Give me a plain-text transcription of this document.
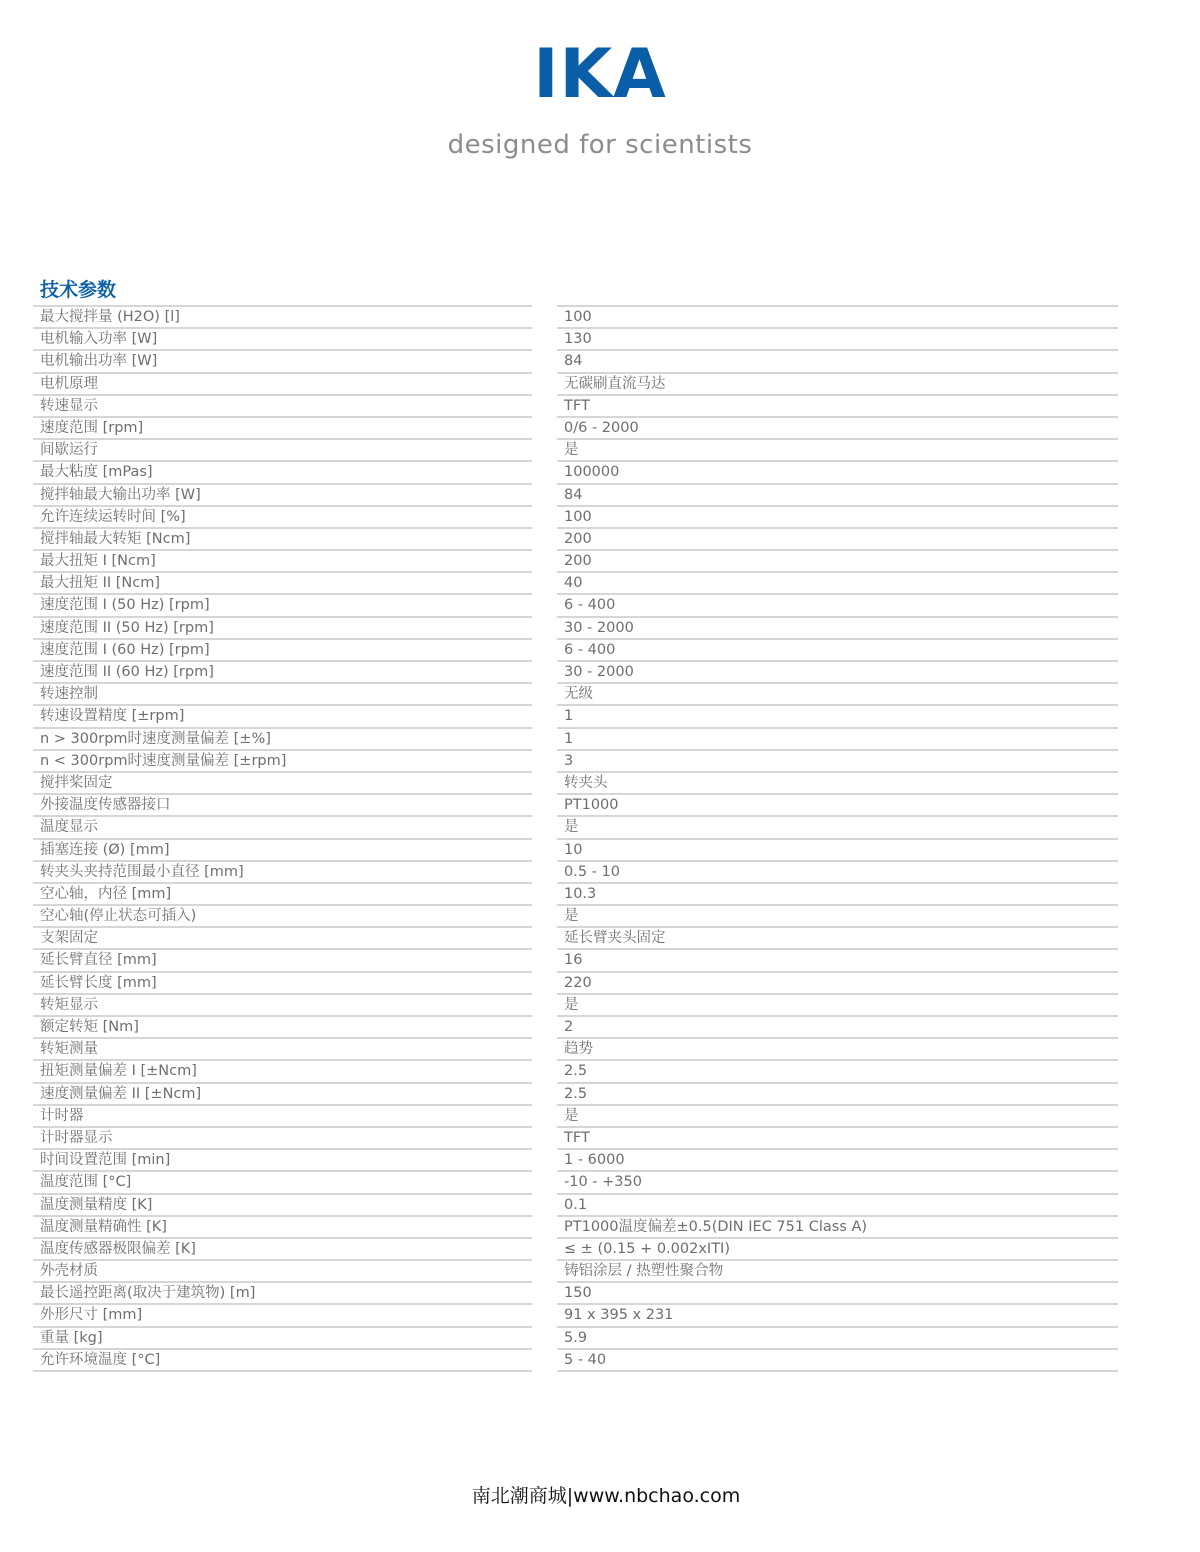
IKA
designed for scientists
技术参数
最大搅拌量 (H2O) [l]
电机输入功率 [W]
电机输出功率 [W]
电机原理
转速显示
速度范围 [rpm]
间歇运行
最大粘度 [mPas]
搅拌轴最大输出功率 [W]
允许连续运转时间 [%]
搅拌轴最大转矩 [Ncm]
最大扭矩 I [Ncm]
最大扭矩 II [Ncm]
速度范围 I (50 Hz) [rpm]
速度范围 II (50 Hz) [rpm]
速度范围 I (60 Hz) [rpm]
速度范围 II (60 Hz) [rpm]
转速控制
转速设置精度 [±rpm]
n > 300rpm时速度测量偏差 [±%]
n < 300rpm时速度测量偏差 [±rpm]
搅拌桨固定
外接温度传感器接口
温度显示
插塞连接 (Ø) [mm]
转夹头夹持范围最小直径 [mm]
空心轴，内径 [mm]
空心轴(停止状态可插入)
支架固定
延长臂直径 [mm]
延长臂长度 [mm]
转矩显示
额定转矩 [Nm]
转矩测量
扭矩测量偏差 I [±Ncm]
速度测量偏差 II [±Ncm]
计时器
计时器显示
时间设置范围 [min]
温度范围 [°C]
温度测量精度 [K]
温度测量精确性 [K]
温度传感器极限偏差 [K]
外壳材质
最长遥控距离(取决于建筑物) [m]
外形尺寸 [mm]
重量 [kg]
允许环境温度 [°C]
100
130
84
无碳刷直流马达
TFT
0/6 - 2000
是
100000
84
100
200
200
40
6 - 400
30 - 2000
6 - 400
30 - 2000
无级
1
1
3
转夹头
PT1000
是
10
0.5 - 10
10.3
是
延长臂夹头固定
16
220
是
2
趋势
2.5
2.5
是
TFT
1 - 6000
-10 - +350
0.1
PT1000温度偏差±0.5(DIN IEC 751 Class A)
≤ ± (0.15 + 0.002xITI)
铸铝涂层 / 热塑性聚合物
150
91 x 395 x 231
5.9
5 - 40
南北潮商城|www.nbchao.com
